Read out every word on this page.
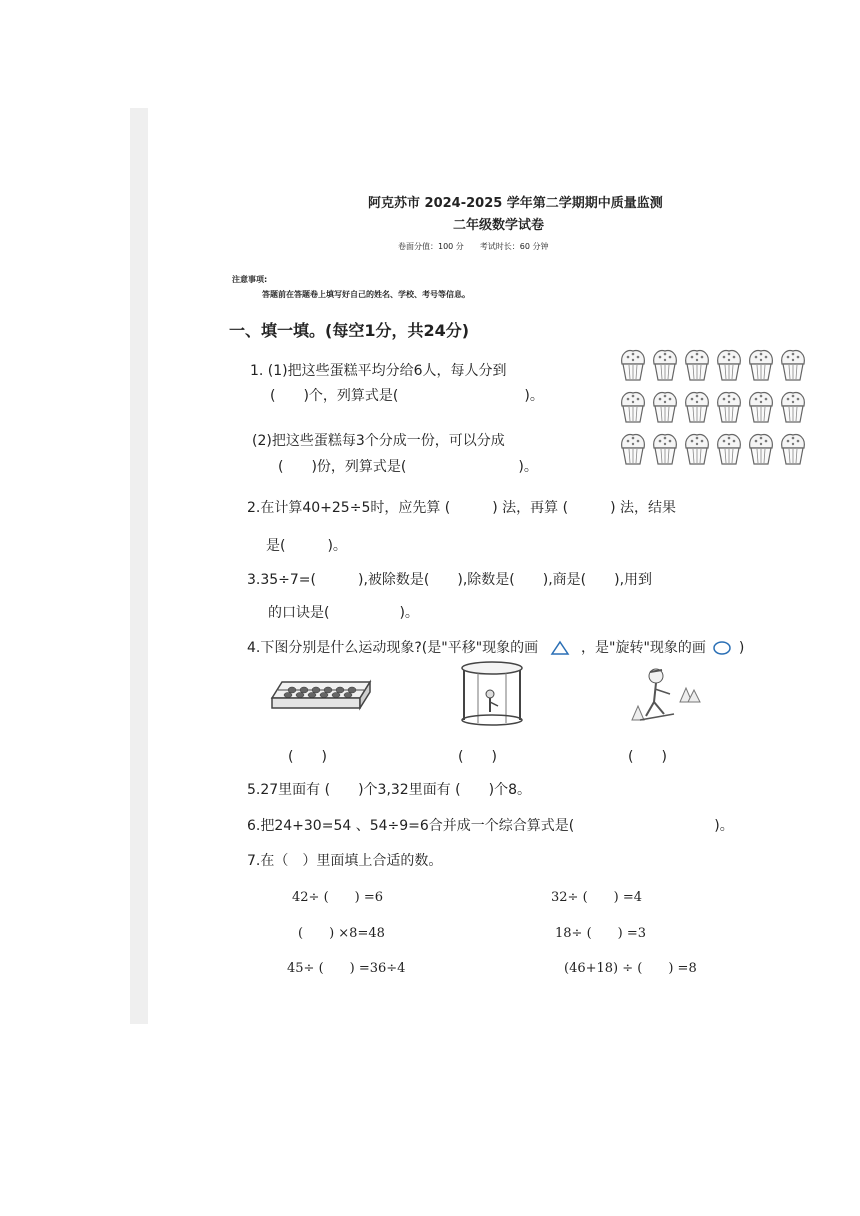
阿克苏市 2024-2025 学年第二学期期中质量监测
二年级数学试卷
卷面分值：100 分　　考试时长：60 分钟
注意事项:
答题前在答题卷上填写好自己的姓名、学校、考号等信息。
一、填一填。(每空1分，共24分)
1. (1)把这些蛋糕平均分给6人，每人分到
(　　)个，列算式是(　　　　　　　　　)。
(2)把这些蛋糕每3个分成一份，可以分成
(　　)份，列算式是(　　　　　　　　)。
2.在计算40+25÷5时，应先算 (　　　) 法，再算 (　　　) 法，结果
是(　　　)。
3.35÷7=(　　　),被除数是(　　),除数是(　　),商是(　　),用到
的口诀是(　　　　　)。
4.下图分别是什么运动现象?(是"平移"现象的画	，是"旋转"现象的画 )
(　　)	(　　)	(　　)
5.27里面有 (　　)个3,32里面有 (　　)个8。
6.把24+30=54 、54÷9=6合并成一个综合算式是(　　　　　　　　　　)。
7.在（　）里面填上合适的数。
42÷ (　　) =6	32÷ (　　) =4
(　　) ×8=48	18÷ (　　) =3
45÷ (　　) =36÷4	(46+18) ÷ (　　) =8
